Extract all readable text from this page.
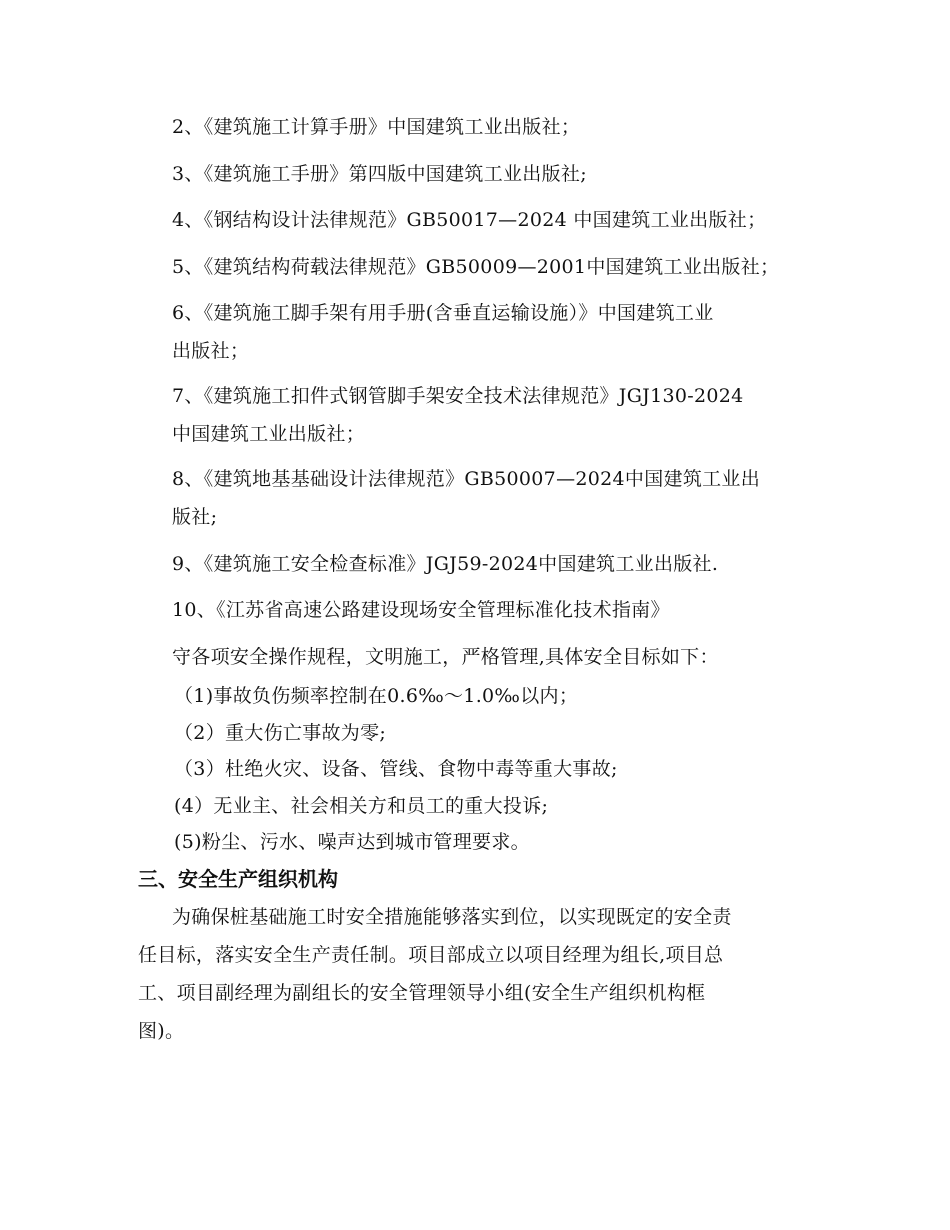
2、《建筑施工计算手册》中国建筑工业出版社；
3、《建筑施工手册》第四版中国建筑工业出版社;
4、《钢结构设计法律规范》GB50017—2024 中国建筑工业出版社；
5、《建筑结构荷载法律规范》GB50009—2001中国建筑工业出版社；
6、《建筑施工脚手架有用手册(含垂直运输设施）》中国建筑工业
出版社；
7、《建筑施工扣件式钢管脚手架安全技术法律规范》JGJ130-2024
中国建筑工业出版社；
8、《建筑地基基础设计法律规范》GB50007—2024中国建筑工业出
版社;
9、《建筑施工安全检查标准》JGJ59-2024中国建筑工业出版社.
10、《江苏省高速公路建设现场安全管理标准化技术指南》
守各项安全操作规程，文明施工，严格管理,具体安全目标如下：
（1)事故负伤频率控制在0.6‰～1.0‰以内；
（2）重大伤亡事故为零;
（3）杜绝火灾、设备、管线、食物中毒等重大事故;
(4）无业主、社会相关方和员工的重大投诉;
(5)粉尘、污水、噪声达到城市管理要求。
三、安全生产组织机构
为确保桩基础施工时安全措施能够落实到位，以实现既定的安全责
任目标，落实安全生产责任制。项目部成立以项目经理为组长,项目总
工、项目副经理为副组长的安全管理领导小组(安全生产组织机构框
图)。
